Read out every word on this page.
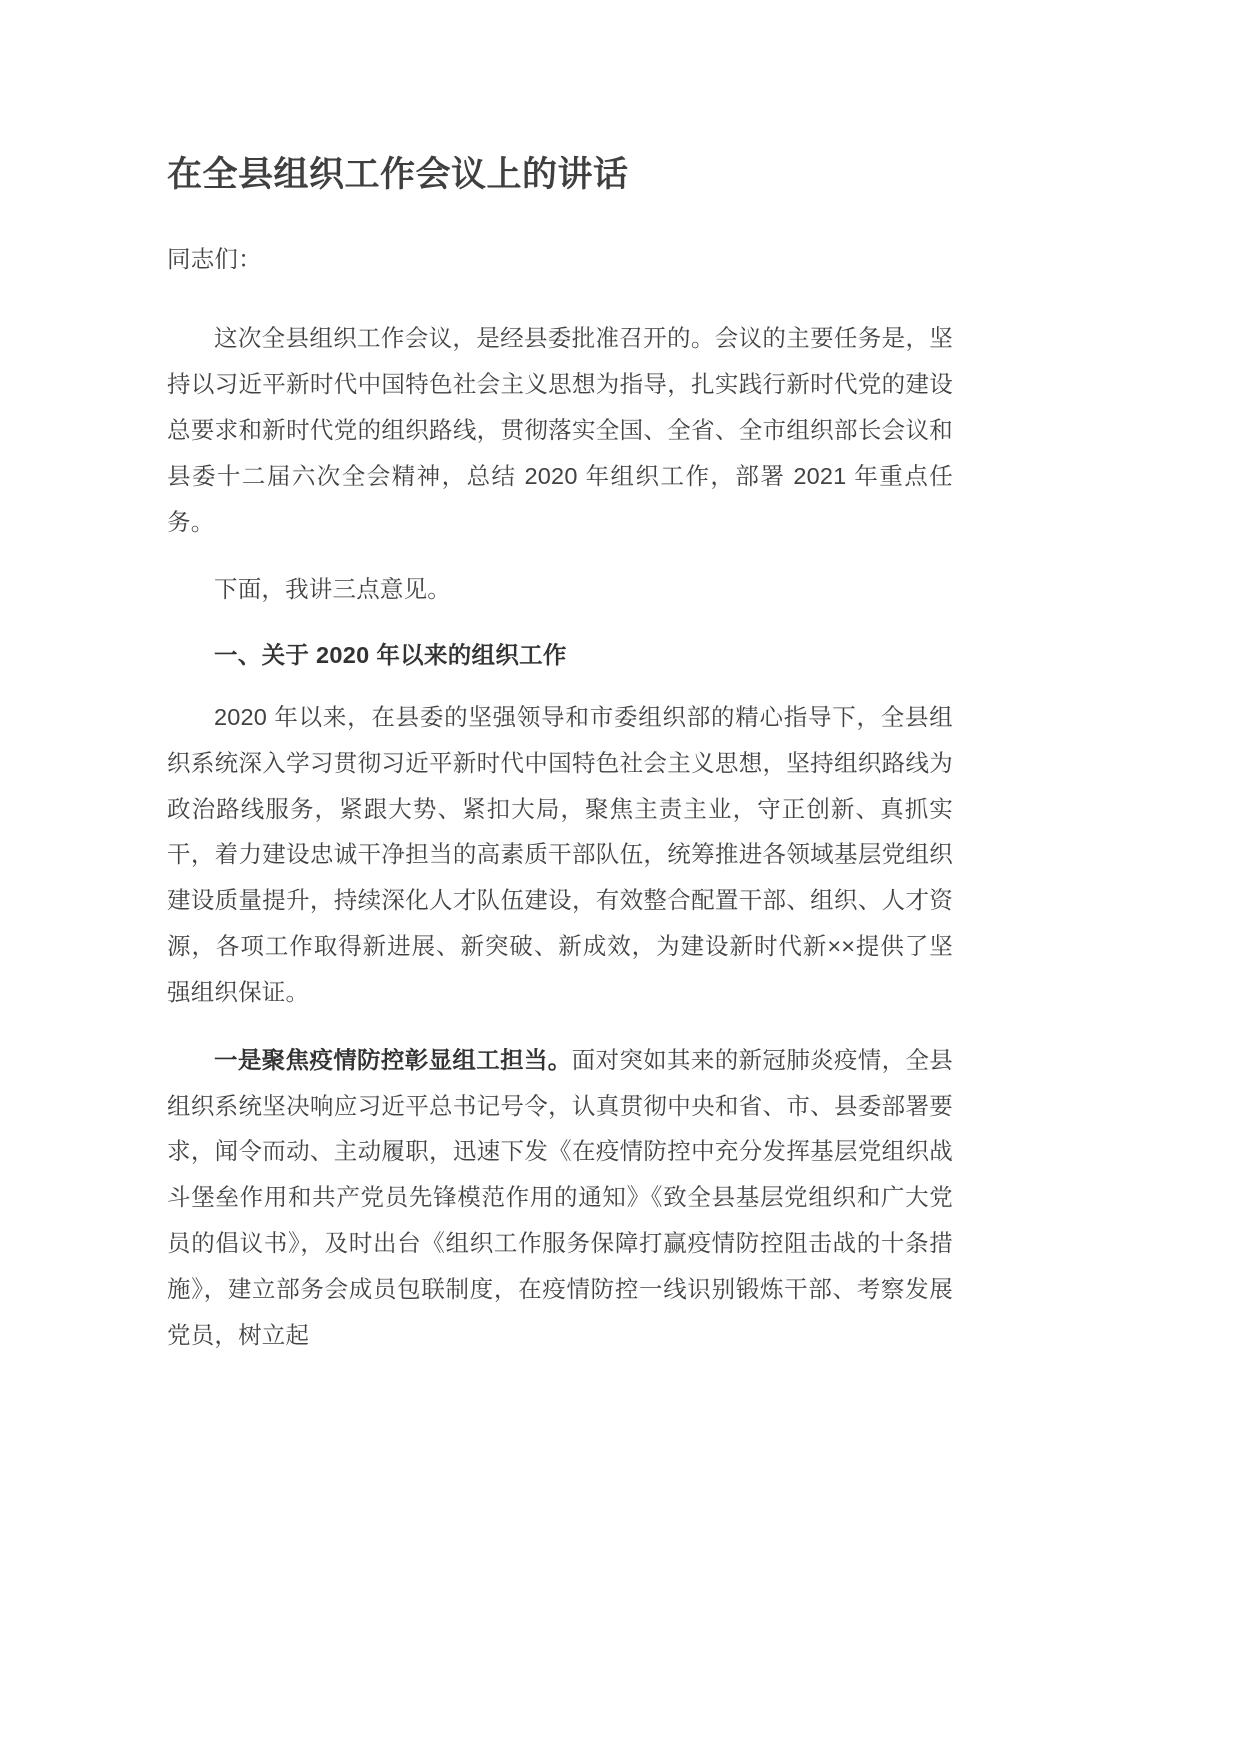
在全县组织工作会议上的讲话

同志们：

这次全县组织工作会议，是经县委批准召开的。会议的主要任务是，坚持以习近平新时代中国特色社会主义思想为指导，扎实践行新时代党的建设总要求和新时代党的组织路线，贯彻落实全国、全省、全市组织部长会议和县委十二届六次全会精神，总结 2020 年组织工作，部署 2021 年重点任务。

下面，我讲三点意见。

一、关于 2020 年以来的组织工作

2020 年以来，在县委的坚强领导和市委组织部的精心指导下，全县组织系统深入学习贯彻习近平新时代中国特色社会主义思想，坚持组织路线为政治路线服务，紧跟大势、紧扣大局，聚焦主责主业，守正创新、真抓实干，着力建设忠诚干净担当的高素质干部队伍，统筹推进各领域基层党组织建设质量提升，持续深化人才队伍建设，有效整合配置干部、组织、人才资源，各项工作取得新进展、新突破、新成效，为建设新时代新××提供了坚强组织保证。

一是聚焦疫情防控彰显组工担当。面对突如其来的新冠肺炎疫情，全县组织系统坚决响应习近平总书记号令，认真贯彻中央和省、市、县委部署要求，闻令而动、主动履职，迅速下发《在疫情防控中充分发挥基层党组织战斗堡垒作用和共产党员先锋模范作用的通知》《致全县基层党组织和广大党员的倡议书》，及时出台《组织工作服务保障打赢疫情防控阻击战的十条措施》，建立部务会成员包联制度，在疫情防控一线识别锻炼干部、考察发展党员，树立起
